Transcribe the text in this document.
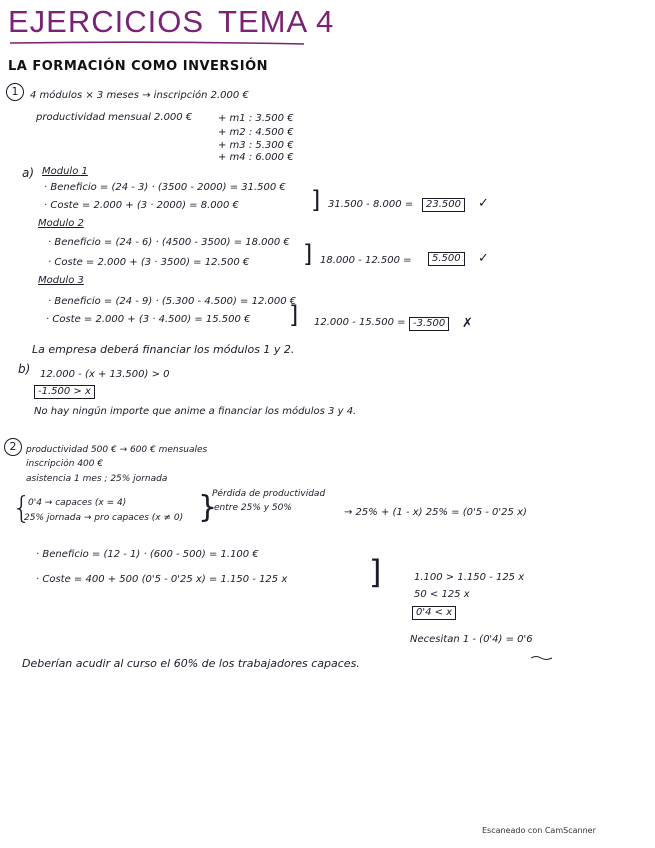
EJERCICIOS TEMA 4
LA FORMACIÓN COMO INVERSIÓN
1	4 módulos × 3 meses → inscripción 2.000 €
productividad mensual 2.000 €	+ m1 : 3.500 €
+ m2 : 4.500 €
+ m3 : 5.300 €
+ m4 : 6.000 €
a) Modulo 1
· Beneficio = (24 - 3) · (3500 - 2000) = 31.500 €
· Coste = 2.000 + (3 · 2000) = 8.000 €	] 31.500 - 8.000 =	23.500	✓
Modulo 2
· Beneficio = (24 - 6) · (4500 - 3500) = 18.000 €
· Coste = 2.000 + (3 · 3500) = 12.500 € ] 18.000 - 12.500 =	5.500	✓
Modulo 3
· Beneficio = (24 - 9) · (5.300 - 4.500) = 12.000 €
· Coste = 2.000 + (3 · 4.500) = 15.500 € ] 12.000 - 15.500 = -3.500	✗
La empresa deberá financiar los módulos 1 y 2.
b) 12.000 - (x + 13.500) > 0
-1.500 > x
No hay ningún importe que anime a financiar los módulos 3 y 4.
2	productividad 500 € → 600 € mensuales
inscripción 400 €
asistencia 1 mes ; 25% jornada
{
0'4 → capaces (x = 4)
25% jornada → pro capaces (x ≠ 0) }
Pérdida de productividad
entre 25% y 50%	→ 25% + (1 - x) 25% = (0'5 - 0'25 x)
· Beneficio = (12 - 1) · (600 - 500) = 1.100 €
· Coste = 400 + 500 (0'5 - 0'25 x) = 1.150 - 125 x	]	1.100 > 1.150 - 125 x
50 < 125 x
0'4 < x
Necesitan 1 - (0'4) = 0'6
Deberían acudir al curso el 60% de los trabajadores capaces.
Escaneado con CamScanner
